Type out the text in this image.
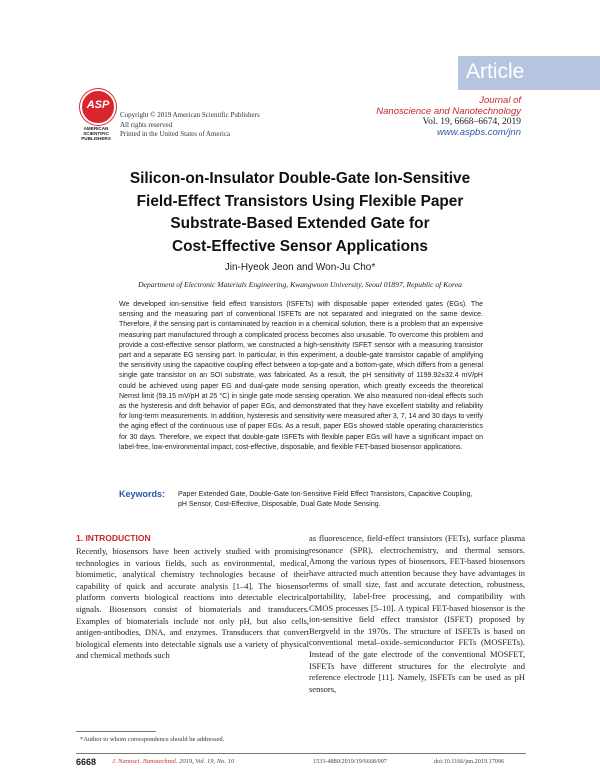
Article
ASP
AMERICAN
SCIENTIFIC
PUBLISHERS
Copyright © 2019 American Scientific Publishers
All rights reserved
Printed in the United States of America
Journal of
Nanoscience and Nanotechnology
Vol. 19, 6668–6674, 2019
www.aspbs.com/jnn
Silicon-on-Insulator Double-Gate Ion-Sensitive
Field-Effect Transistors Using Flexible Paper
Substrate-Based Extended Gate for
Cost-Effective Sensor Applications
Jin-Hyeok Jeon and Won-Ju Cho*
Department of Electronic Materials Engineering, Kwangwoon University, Seoul 01897, Republic of Korea
We developed ion-sensitive field effect transistors (ISFETs) with disposable paper extended gates (EGs). The sensing and the measuring part of conventional ISFETs are not separated and integrated on the same device. Therefore, if the sensing part is contaminated by reaction in a chemical solution, there is a problem that an expensive measuring part manufactured through a complicated process becomes also unusable. To overcome this problem and provide a cost-effective sensor platform, we constructed a high-sensitivity ISFET sensor with a measuring transistor part and a separate EG sensing part. In particular, in this experiment, a double-gate transistor capable of amplifying the sensitivity using the capacitive coupling effect between a top-gate and a bottom-gate, which differs from a general single gate transistor on an SOI substrate, was fabricated. As a result, the pH sensitivity of 1199.92±32.4 mV/pH could be achieved using paper EG and dual-gate mode sensing operation, which greatly exceeds the theoretical Nernst limit (59.15 mV/pH at 25 °C) in single gate mode sensing operation. We also measured non-ideal effects such as the hysteresis and drift behavior of paper EGs, and demonstrated that they have excellent stability and reliability for long-term measurements. In addition, hysteresis and sensitivity were measured after 3, 7, 14 and 30 days to verify the aging effect of the continuous use of paper EGs. As a result, paper EGs showed stable operating characteristics for 30 days. Therefore, we expect that double-gate ISFETs with flexible paper EGs will have a significant impact on label-free, low-environmental impact, cost-effective, disposable, and flexible FET-based biosensor applications.
Keywords: Paper Extended Gate, Double-Gate Ion-Sensitive Field Effect Transistors, Capacitive Coupling, pH Sensor, Cost-Effective, Disposable, Dual Gate Mode Sensing.
1. INTRODUCTION
Recently, biosensors have been actively studied with promising technologies in various fields, such as environmental, medical, biomimetic, analytical chemistry technologies because of their capability of quick and accurate analysis [1–4]. The biosensor platform converts biological reactions into detectable electrical signals. Biosensors consist of biomaterials and transducers. Examples of biomaterials include not only pH, but also cells, antigen-antibodies, DNA, and enzymes. Transducers that convert biological elements into detectable signals use a variety of physical and chemical methods such
as fluorescence, field-effect transistors (FETs), surface plasma resonance (SPR), electrochemistry, and thermal sensors. Among the various types of biosensors, FET-based biosensors have attracted much attention because they have advantages in terms of small size, fast and accurate detection, robustness, portability, label-free processing, and compatibility with CMOS processes [5–10]. A typical FET-based biosensor is the ion-sensitive field effect transistor (ISFET) proposed by Bergveld in the 1970s. The structure of ISFETs is based on conventional metal–oxide–semiconductor FETs (MOSFETs). Instead of the gate electrode of the conventional MOSFET, ISFETs have different structures for the electrolyte and reference electrode [11]. Namely, ISFETs can be used as pH sensors,
*Author to whom correspondence should be addressed.
6668 J. Nanosci. Nanotechnol. 2019, Vol. 19, No. 10	1533-4880/2019/19/6668/007	doi:10.1166/jnn.2019.17096
